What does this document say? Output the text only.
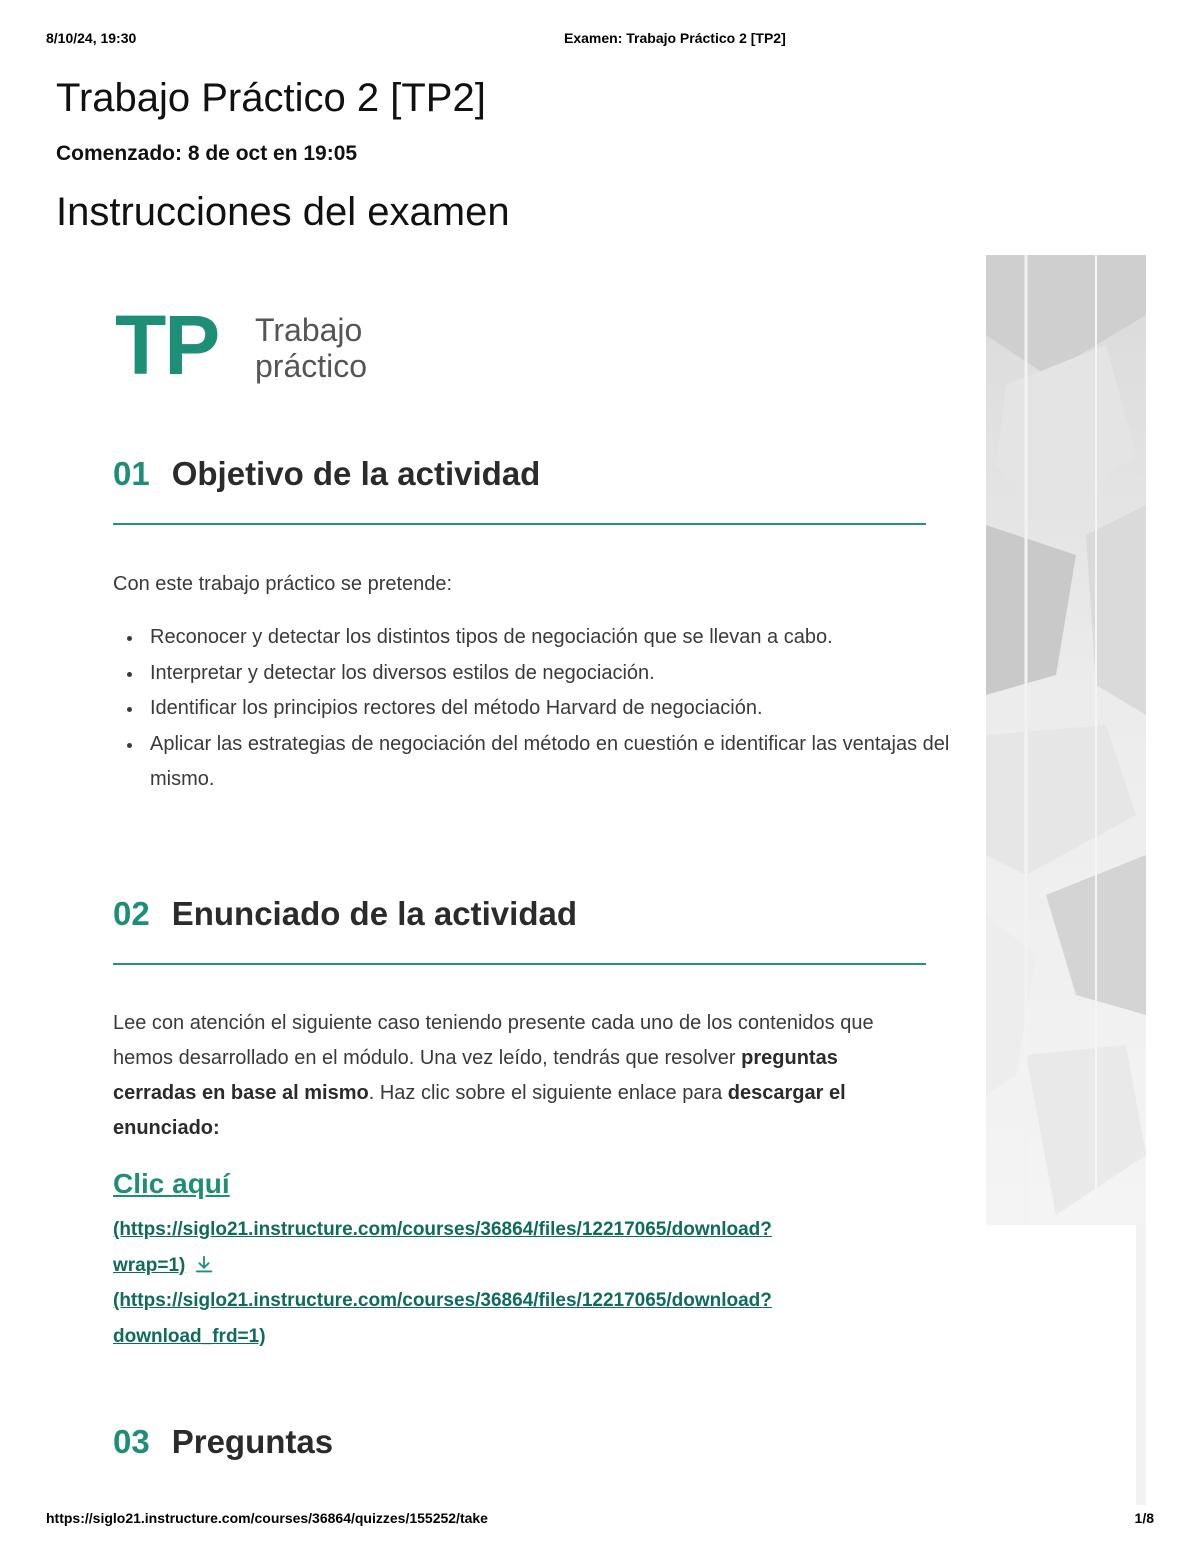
8/10/24, 19:30	Examen: Trabajo Práctico 2 [TP2]
Trabajo Práctico 2 [TP2]

Comenzado: 8 de oct en 19:05

Instrucciones del examen
TP Trabajo
práctico
01 Objetivo de la actividad

Con este trabajo práctico se pretende:

Reconocer y detectar los distintos tipos de negociación que se llevan a cabo.
Interpretar y detectar los diversos estilos de negociación.
Identificar los principios rectores del método Harvard de negociación.
Aplicar las estrategias de negociación del método en cuestión e identificar las ventajas del mismo.
02 Enunciado de la actividad

Lee con atención el siguiente caso teniendo presente cada uno de los contenidos que hemos desarrollado en el módulo. Una vez leído, tendrás que resolver preguntas cerradas en base al mismo. Haz clic sobre el siguiente enlace para descargar el enunciado:

Clic aquí
(https://siglo21.instructure.com/courses/36864/files/12217065/download?
wrap=1)
(https://siglo21.instructure.com/courses/36864/files/12217065/download?
download_frd=1)
03 Preguntas
https://siglo21.instructure.com/courses/36864/quizzes/155252/take	1/8
